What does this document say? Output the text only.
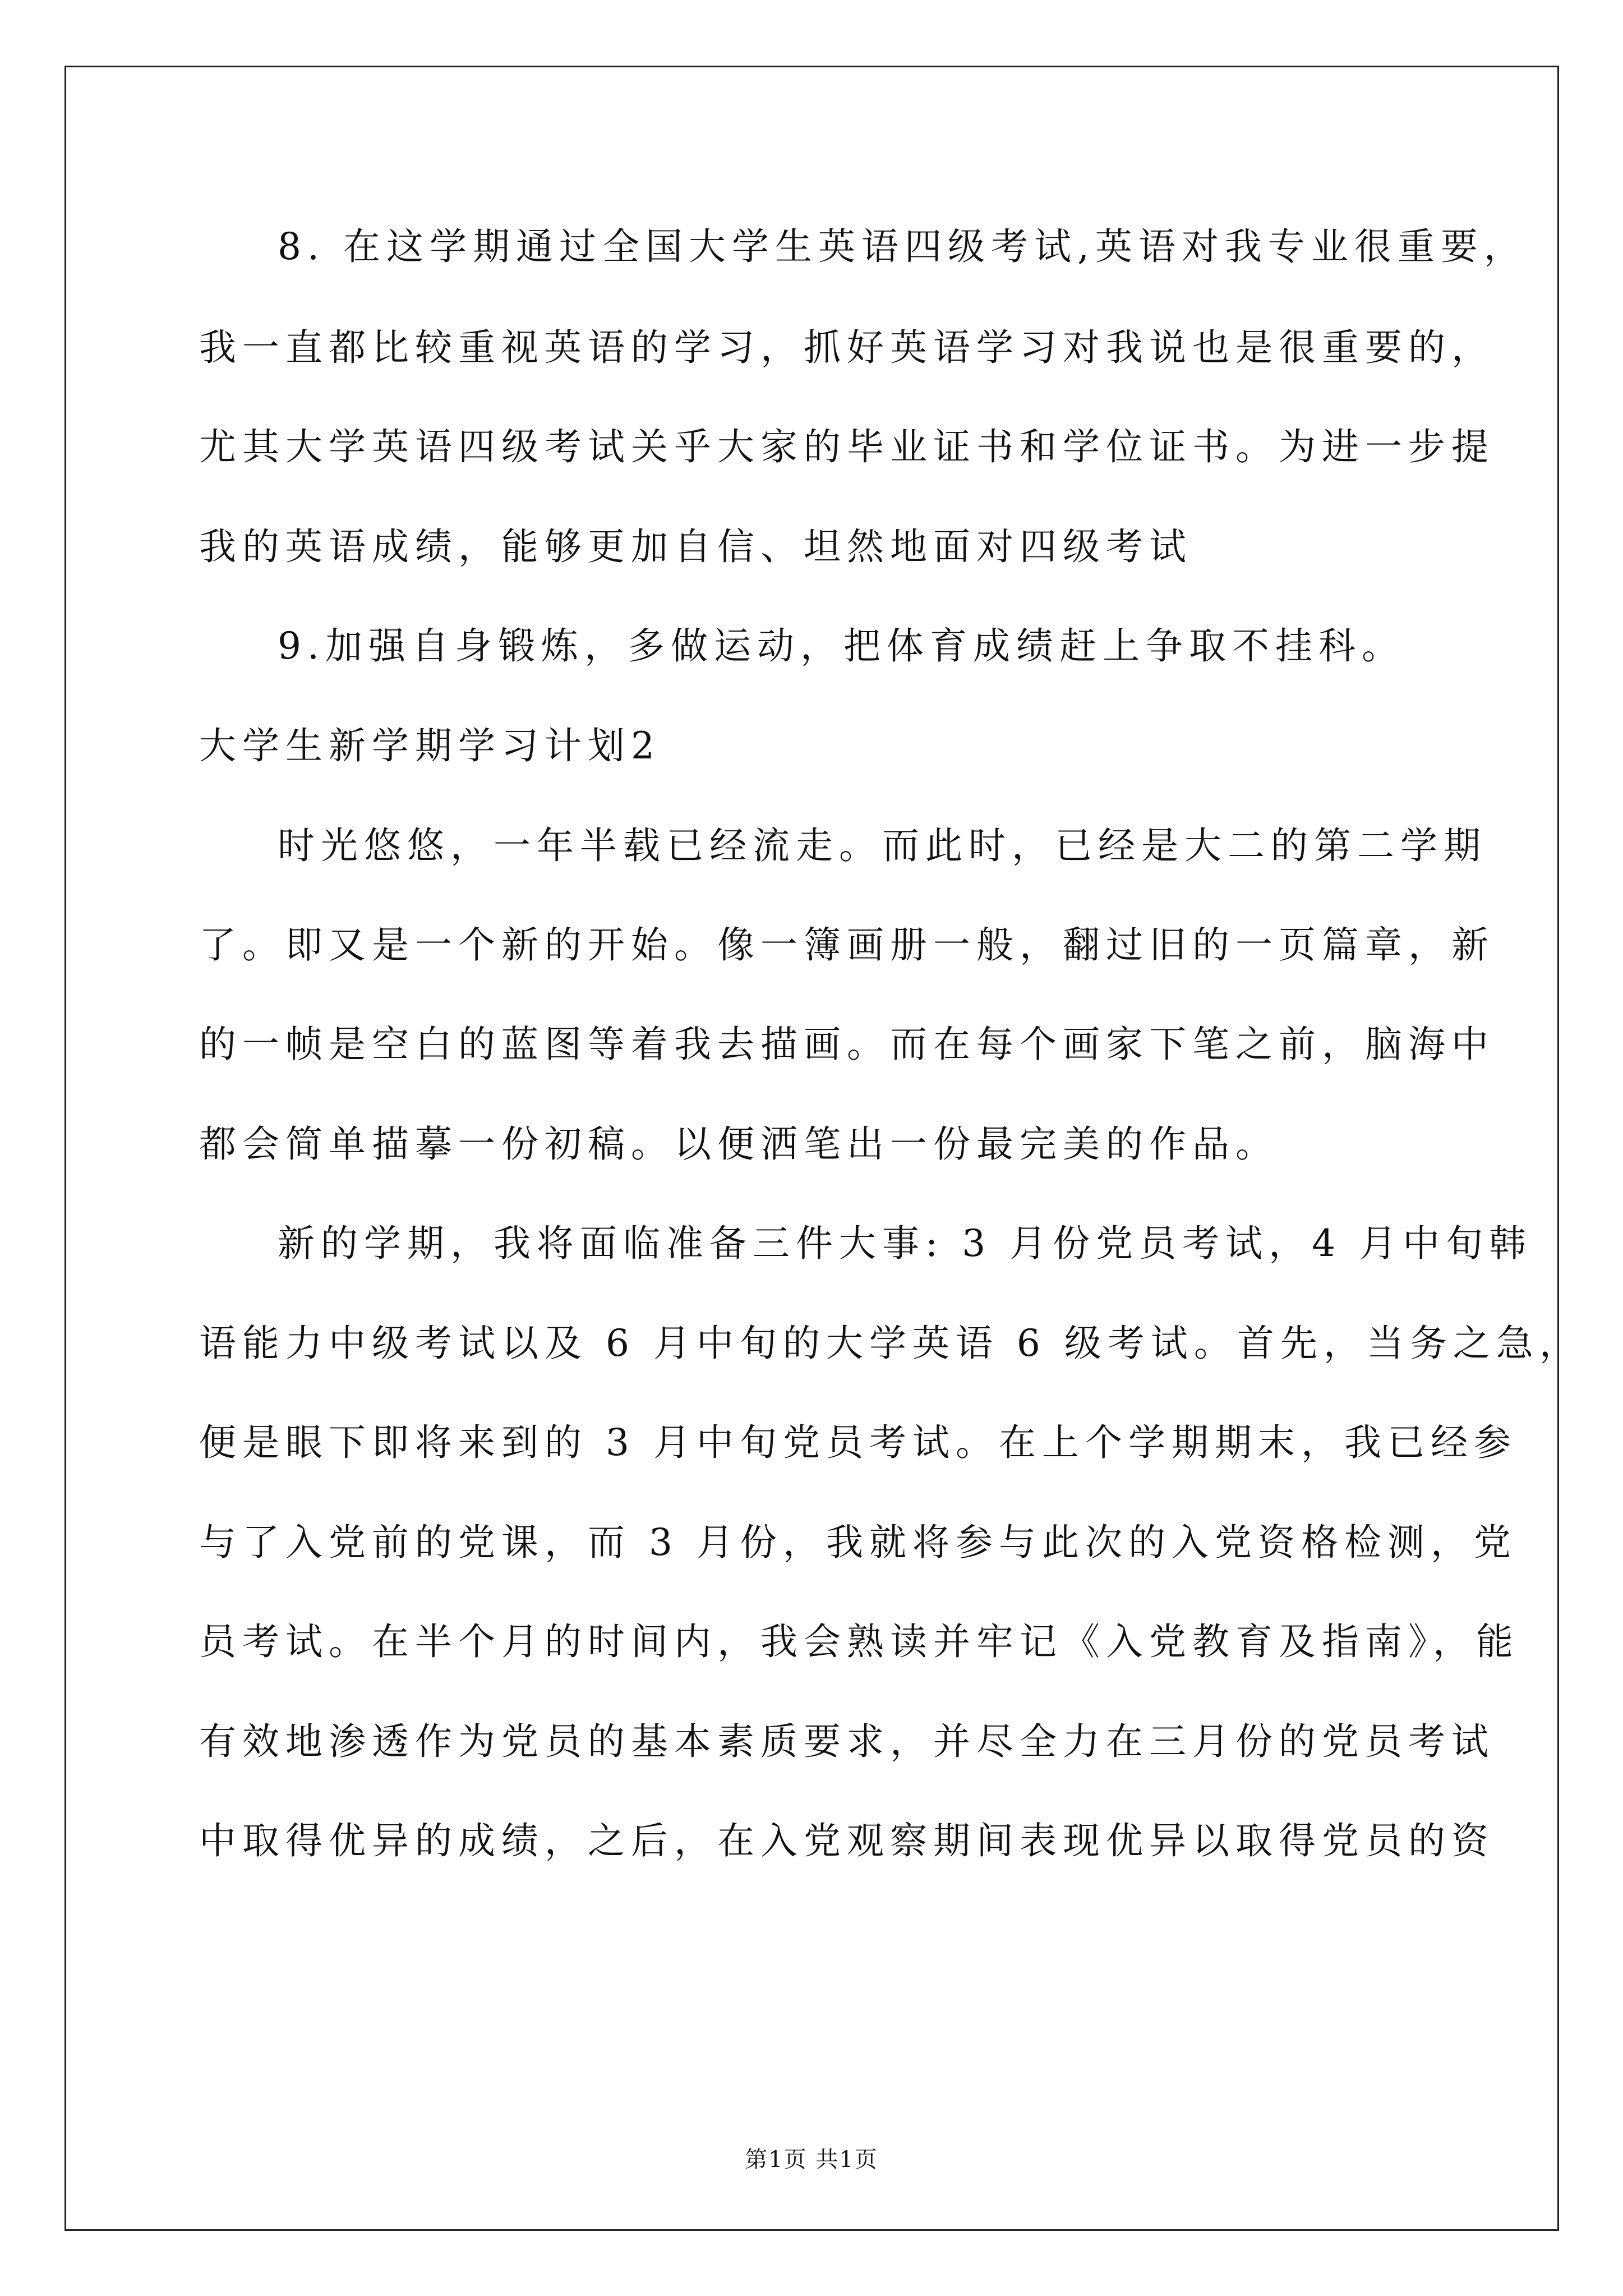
8. 在这学期通过全国大学生英语四级考试,英语对我专业很重要，

我一直都比较重视英语的学习，抓好英语学习对我说也是很重要的，

尤其大学英语四级考试关乎大家的毕业证书和学位证书。为进一步提

我的英语成绩，能够更加自信、坦然地面对四级考试

9.加强自身锻炼，多做运动，把体育成绩赶上争取不挂科。

大学生新学期学习计划2

时光悠悠，一年半载已经流走。而此时，已经是大二的第二学期

了。即又是一个新的开始。像一簿画册一般，翻过旧的一页篇章，新

的一帧是空白的蓝图等着我去描画。而在每个画家下笔之前，脑海中

都会简单描摹一份初稿。以便洒笔出一份最完美的作品。

新的学期，我将面临准备三件大事: 3 月份党员考试，4 月中旬韩

语能力中级考试以及 6 月中旬的大学英语 6 级考试。首先，当务之急，

便是眼下即将来到的 3 月中旬党员考试。在上个学期期末，我已经参

与了入党前的党课，而 3 月份，我就将参与此次的入党资格检测，党

员考试。在半个月的时间内，我会熟读并牢记《入党教育及指南》，能

有效地渗透作为党员的基本素质要求，并尽全力在三月份的党员考试

中取得优异的成绩，之后，在入党观察期间表现优异以取得党员的资

第1页 共1页
